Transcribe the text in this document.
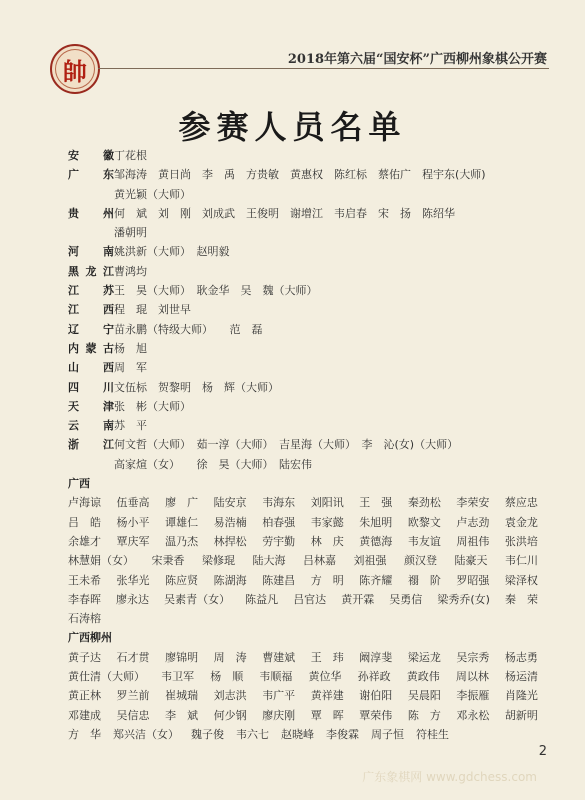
帥	2018年第六届“国安杯”广西柳州象棋公开赛
参赛人员名单
安徽 丁花根
广东 邹海涛　黄日尚　李　禹　方贵敏　黄惠权　陈红标　蔡佑广　程宇东(大师)
黄光颖（大师）
贵州 何　斌　刘　刚　刘成武　王俊明　谢增江　韦启春　宋　扬　陈绍华
潘朝明
河南 姚洪新（大师）　赵明毅
黑龙江 曹鸿均
江苏 王　昊（大师）　耿金华　吴　魏（大师）
江西 程　琨　刘世早
辽宁 苗永鹏（特级大师）　　范　磊
内蒙古 杨　旭
山西 周　军
四川 文伍标　贺黎明　杨　辉（大师）
天津 张　彬（大师）
云南 苏　平
浙江 何文哲（大师）　茹一淳（大师）　吉星海（大师）　李　沁(女)（大师）
高家煊（女）　　徐　昊（大师）　陆宏伟
广西
卢海谅 伍垂高 廖　广 陆安京 韦海东 刘阳讯 王　强 秦劲松 李荣安 蔡应忠
吕　皓 杨小平 谭雄仁 易浩楠 柏春强 韦家懿 朱旭明 欧黎文 卢志劲 袁金龙
余雄才 覃庆军 温乃杰 林捍松 劳宇勤 林　庆 黄德海 韦友谊 周祖伟 张洪培
林慧娟（女） 宋秉香 梁修琨 陆大海 吕林嘉 刘祖强 颜汉登 陆豪天 韦仁川
王未希 张华光 陈应贤 陈湖海 陈建昌 方　明 陈齐耀 禤　阶 罗昭强 梁泽权
李春晖 廖永达 吴素青（女） 陈益凡 吕官达 黄开霖 吴勇信 梁秀乔(女) 秦　荣
石涛榕
广西柳州
黄子达 石才贯 廖锦明 周　涛 曹建斌 王　玮 阚淳斐 梁运龙 吴宗秀 杨志勇
黄仕清（大师） 韦卫军 杨　顺 韦顺福 黄位华 孙祥政 黄政伟 周以林 杨运清
黄正林 罗兰前 崔城瑞 刘志洪 韦广平 黄祥建 谢伯阳 吴晨阳 李振雁 肖隆光
邓建成 吴信忠 李　斌 何少钢 廖庆刚 覃　晖 覃荣伟 陈　方 邓永松 胡新明
方　华 郑兴洁（女） 魏子俊 韦六七 赵晓峰 李俊霖 周子恒 符桂生
2
广东象棋网 www.gdchess.com
